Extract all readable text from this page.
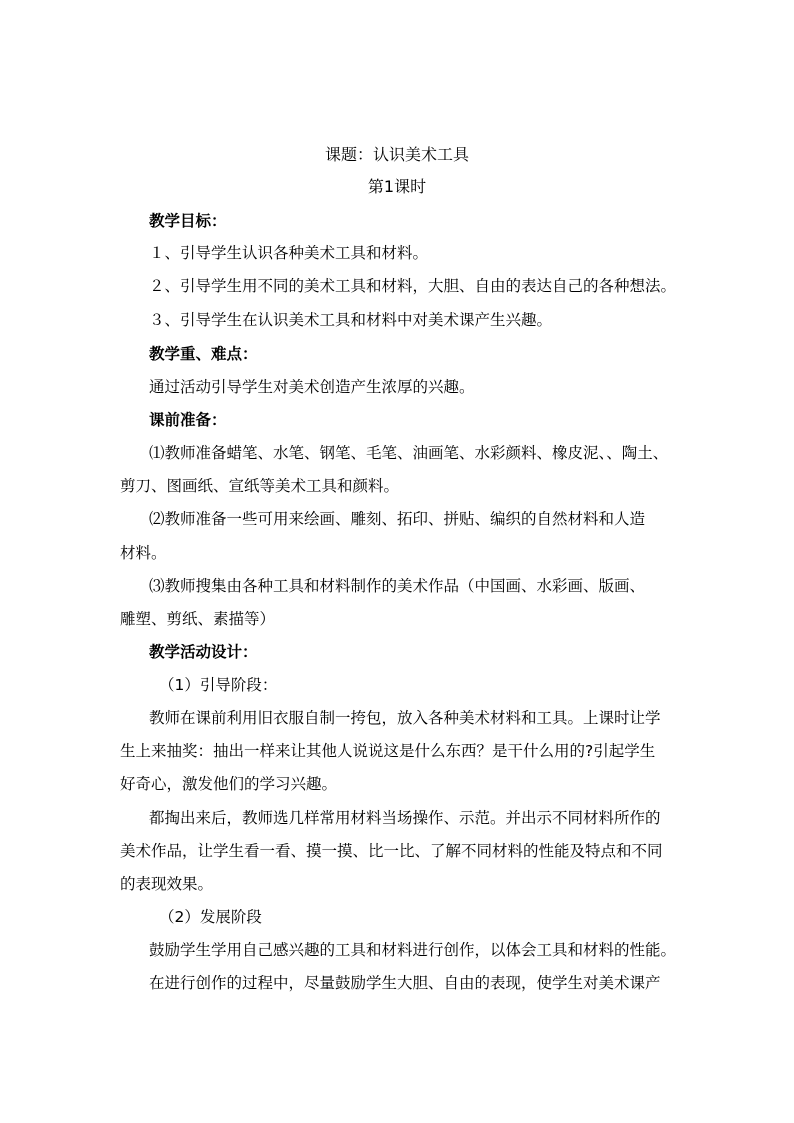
课题：认识美术工具
第1课时
教学目标：
１、引导学生认识各种美术工具和材料。
２、引导学生用不同的美术工具和材料，大胆、自由的表达自己的各种想法。
３、引导学生在认识美术工具和材料中对美术课产生兴趣。
教学重、难点：
通过活动引导学生对美术创造产生浓厚的兴趣。
课前准备：
⑴教师准备蜡笔、水笔、钢笔、毛笔、油画笔、水彩颜料、橡皮泥、、陶土、
剪刀、图画纸、宣纸等美术工具和颜料。
⑵教师准备一些可用来绘画、雕刻、拓印、拼贴、编织的自然材料和人造
材料。
⑶教师搜集由各种工具和材料制作的美术作品（中国画、水彩画、版画、
雕塑、剪纸、素描等）
教学活动设计：
（1）引导阶段：
教师在课前利用旧衣服自制一挎包，放入各种美术材料和工具。上课时让学
生上来抽奖：抽出一样来让其他人说说这是什么东西？是干什么用的?引起学生
好奇心，激发他们的学习兴趣。
都掏出来后，教师选几样常用材料当场操作、示范。并出示不同材料所作的
美术作品，让学生看一看、摸一摸、比一比、了解不同材料的性能及特点和不同
的表现效果。
（2）发展阶段
鼓励学生学用自己感兴趣的工具和材料进行创作，以体会工具和材料的性能。
在进行创作的过程中，尽量鼓励学生大胆、自由的表现，使学生对美术课产
